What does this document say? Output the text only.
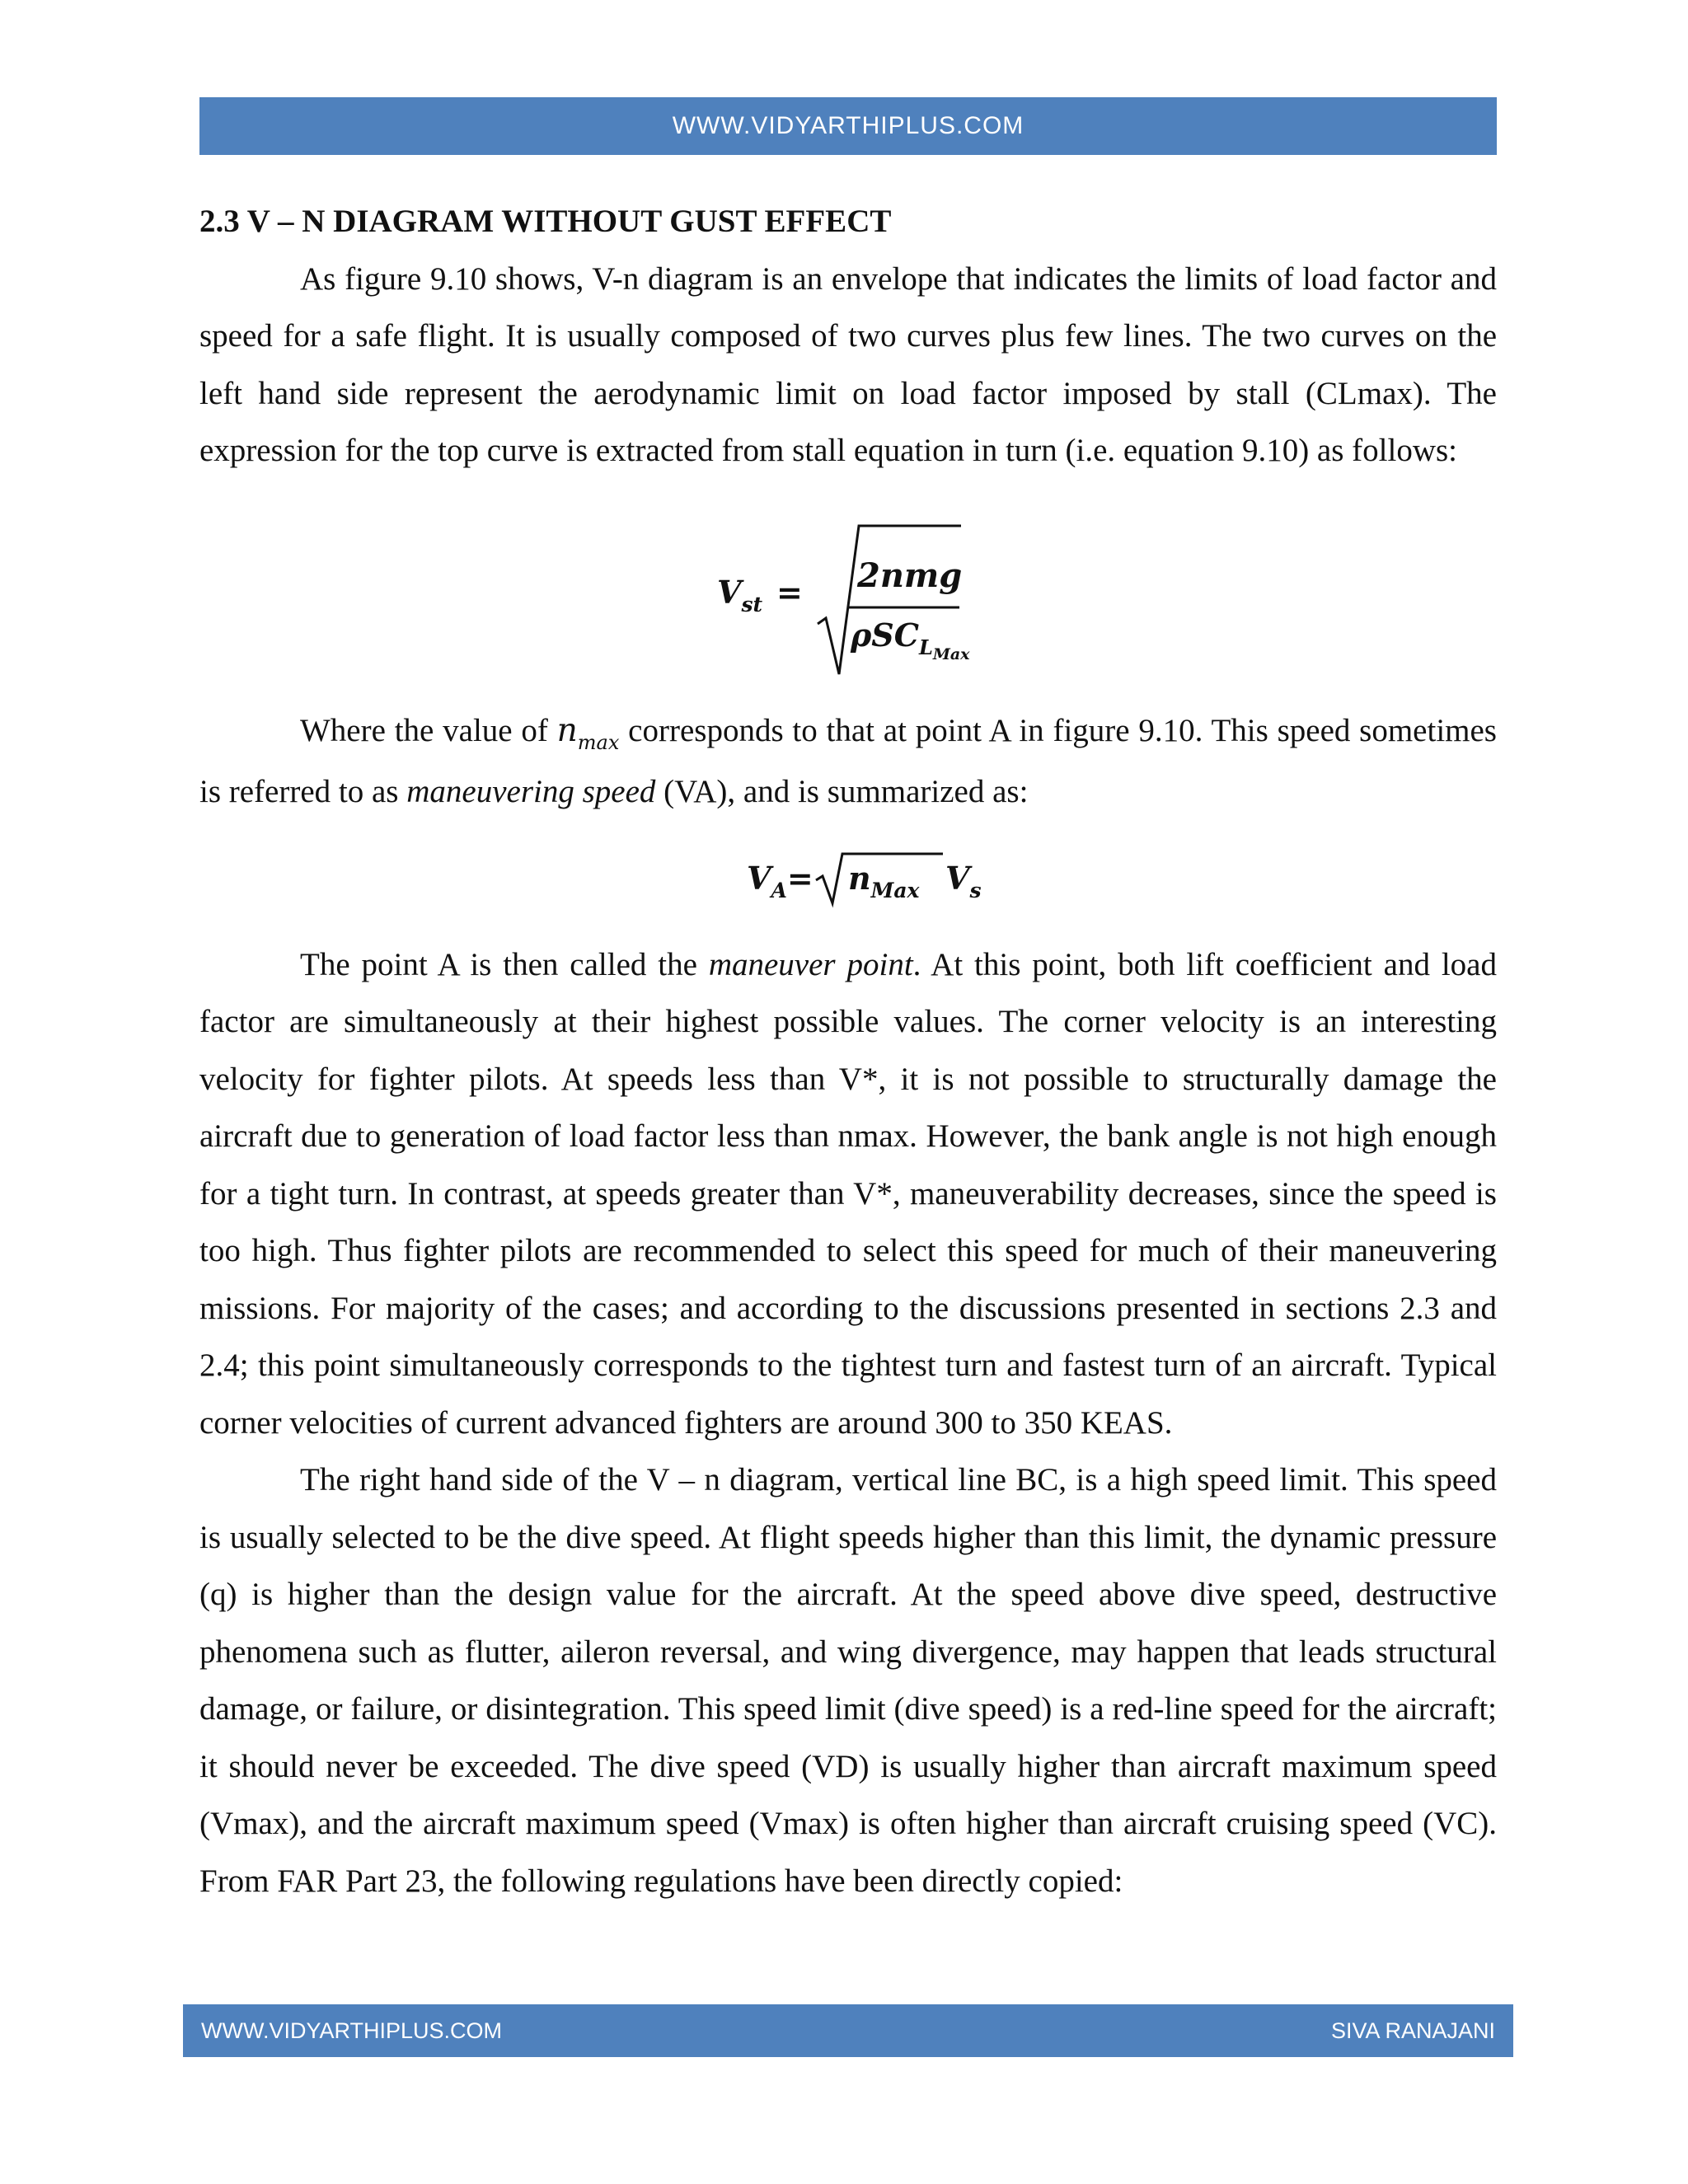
WWW.VIDYARTHIPLUS.COM

2.3 V – N DIAGRAM WITHOUT GUST EFFECT

As figure 9.10 shows, V-n diagram is an envelope that indicates the limits of load factor and speed for a safe flight. It is usually composed of two curves plus few lines. The two curves on the left hand side represent the aerodynamic limit on load factor imposed by stall (CLmax). The expression for the top curve is extracted from stall equation in turn (i.e. equation 9.10) as follows:

$V_{st} = 2nmg$
ρSC$_L$Max

Where the value of $n_{max}$ corresponds to that at point A in figure 9.10. This speed sometimes is referred to as maneuvering speed (VA), and is summarized as:

$V_A= n_{Max}$ $V_s$

The point A is then called the maneuver point. At this point, both lift coefficient and load factor are simultaneously at their highest possible values. The corner velocity is an interesting velocity for fighter pilots. At speeds less than V*, it is not possible to structurally damage the aircraft due to generation of load factor less than nmax. However, the bank angle is not high enough for a tight turn. In contrast, at speeds greater than V*, maneuverability decreases, since the speed is too high. Thus fighter pilots are recommended to select this speed for much of their maneuvering missions. For majority of the cases; and according to the discussions presented in sections 2.3 and 2.4; this point simultaneously corresponds to the tightest turn and fastest turn of an aircraft. Typical corner velocities of current advanced fighters are around 300 to 350 KEAS.

The right hand side of the V – n diagram, vertical line BC, is a high speed limit. This speed is usually selected to be the dive speed. At flight speeds higher than this limit, the dynamic pressure (q) is higher than the design value for the aircraft. At the speed above dive speed, destructive phenomena such as flutter, aileron reversal, and wing divergence, may happen that leads structural damage, or failure, or disintegration. This speed limit (dive speed) is a red-line speed for the aircraft; it should never be exceeded. The dive speed (VD) is usually higher than aircraft maximum speed (Vmax), and the aircraft maximum speed (Vmax) is often higher than aircraft cruising speed (VC). From FAR Part 23, the following regulations have been directly copied:

WWW.VIDYARTHIPLUS.COM	SIVA RANAJANI
